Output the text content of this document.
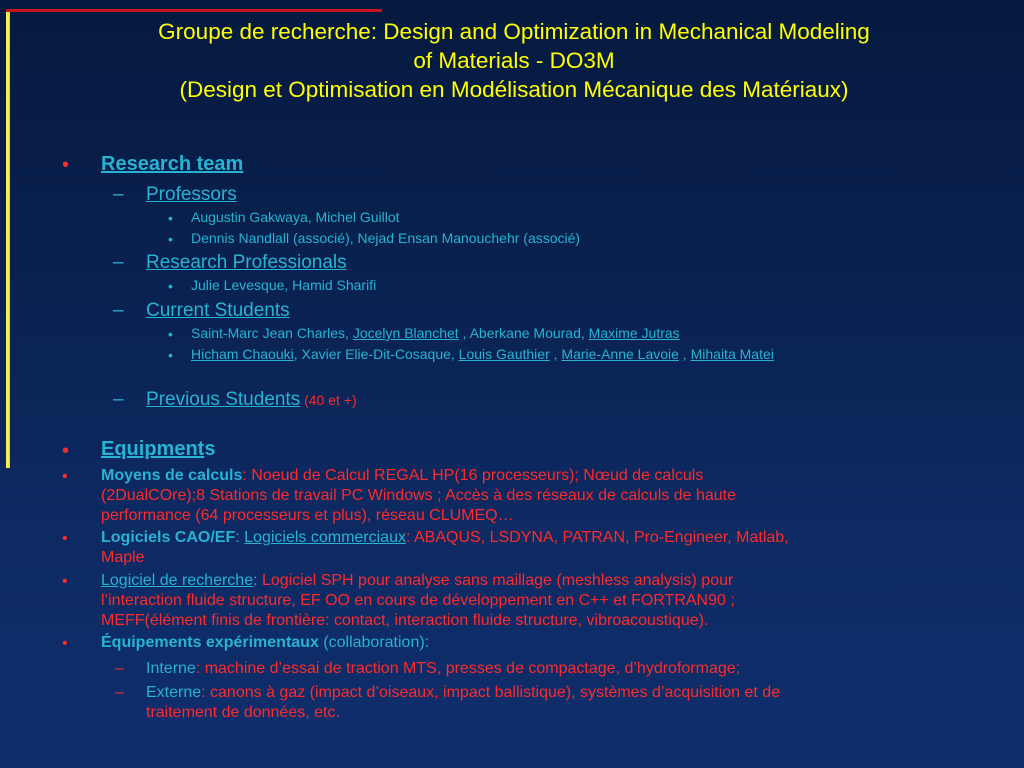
Groupe de recherche: Design and Optimization in Mechanical Modeling
of Materials - DO3M
(Design et Optimisation en Modélisation Mécanique des Matériaux)
• Research team
– Professors
• Augustin Gakwaya, Michel Guillot
• Dennis Nandlall (associé), Nejad Ensan Manouchehr (associé)
– Research Professionals
• Julie Levesque, Hamid Sharifi
– Current Students
• Saint-Marc Jean Charles, Jocelyn Blanchet , Aberkane Mourad, Maxime Jutras
• Hicham Chaouki, Xavier Elie-Dit-Cosaque, Louis Gauthier , Marie-Anne Lavoie , Mihaita Matei
– Previous Students (40 et +)
• Equipments
• Moyens de calculs: Noeud de Calcul REGAL HP(16 processeurs); Nœud de calculs
(2DualCOre);8 Stations de travail PC Windows ; Accès à des réseaux de calculs de haute
performance (64 processeurs et plus), réseau CLUMEQ…
• Logiciels CAO/EF: Logiciels commerciaux: ABAQUS, LSDYNA, PATRAN, Pro-Engineer, Matlab,
Maple
• Logiciel de recherche: Logiciel SPH pour analyse sans maillage (meshless analysis) pour
l’interaction fluide structure, EF OO en cours de développement en C++ et FORTRAN90 ;
MEFF(élément finis de frontière: contact, interaction fluide structure, vibroacoustique).
• Équipements expérimentaux (collaboration):
– Interne: machine d’essai de traction MTS, presses de compactage, d’hydroformage;
– Externe: canons à gaz (impact d’oiseaux, impact ballistique), systèmes d’acquisition et de
traitement de données, etc.
